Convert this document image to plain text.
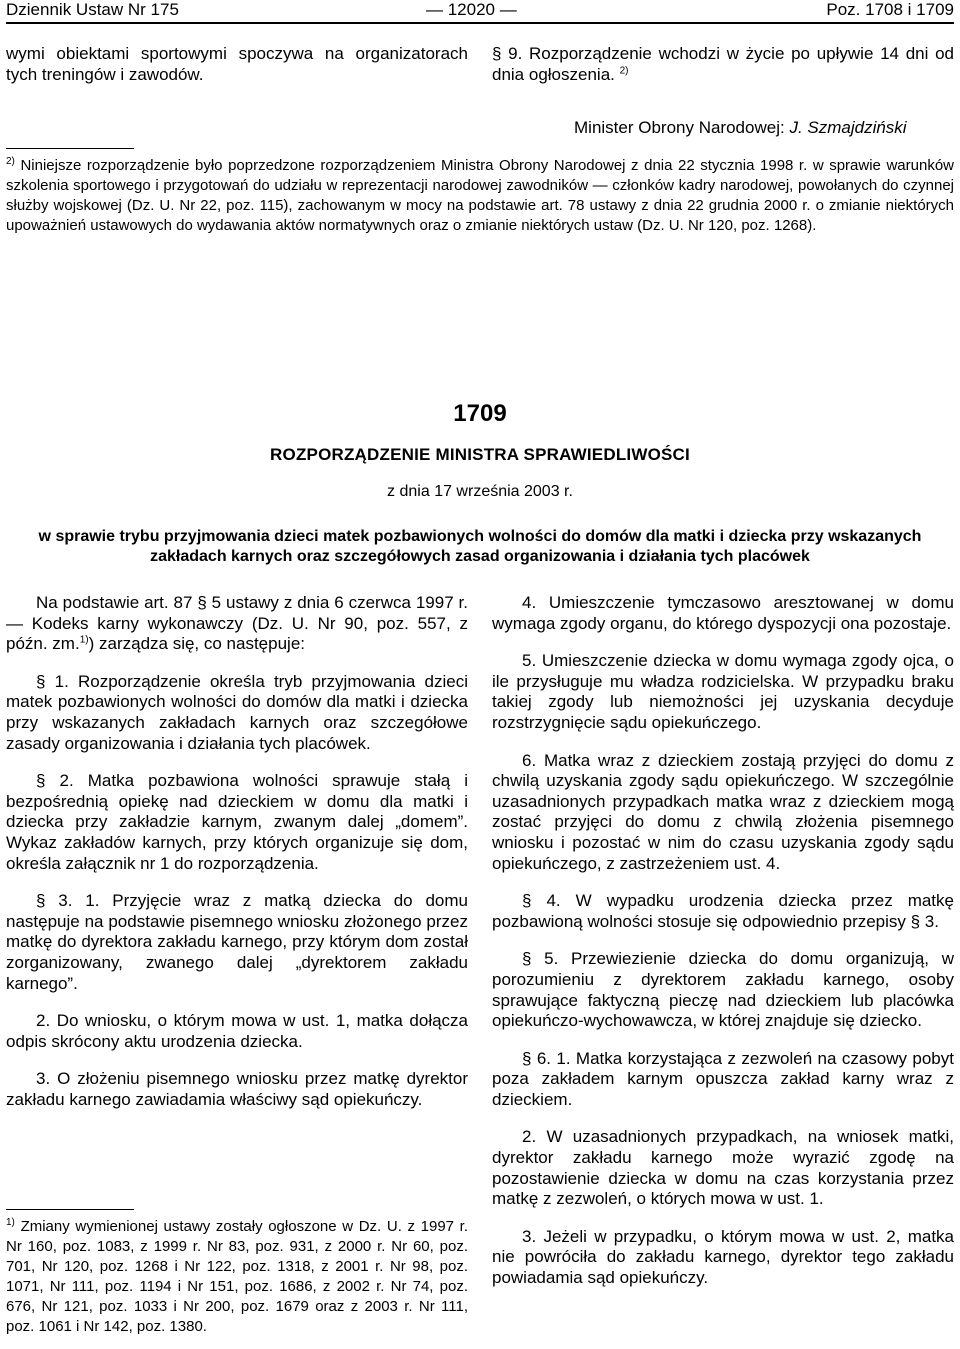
Dziennik Ustaw Nr 175	— 12020 —	Poz. 1708 i 1709
wymi obiektami sportowymi spoczywa na organizatorach tych treningów i zawodów.
§ 9. Rozporządzenie wchodzi w życie po upływie 14 dni od dnia ogłoszenia. $^{2)}$
Minister Obrony Narodowej: J. Szmajdziński
$^{2)}$ Niniejsze rozporządzenie było poprzedzone rozporządzeniem Ministra Obrony Narodowej z dnia 22 stycznia 1998 r. w sprawie warunków szkolenia sportowego i przygotowań do udziału w reprezentacji narodowej zawodników — członków kadry narodowej, powołanych do czynnej służby wojskowej (Dz. U. Nr 22, poz. 115), zachowanym w mocy na podstawie art. 78 ustawy z dnia 22 grudnia 2000 r. o zmianie niektórych upoważnień ustawowych do wydawania aktów normatywnych oraz o zmianie niektórych ustaw (Dz. U. Nr 120, poz. 1268).
1709
ROZPORZĄDZENIE MINISTRA SPRAWIEDLIWOŚCI
z dnia 17 września 2003 r.
w sprawie trybu przyjmowania dzieci matek pozbawionych wolności do domów dla matki i dziecka przy wskazanych zakładach karnych oraz szczegółowych zasad organizowania i działania tych placówek

Na podstawie art. 87 § 5 ustawy z dnia 6 czerwca 1997 r. — Kodeks karny wykonawczy (Dz. U. Nr 90, poz. 557, z późn. zm.$^{1)}$) zarządza się, co następuje:

§ 1. Rozporządzenie określa tryb przyjmowania dzieci matek pozbawionych wolności do domów dla matki i dziecka przy wskazanych zakładach karnych oraz szczegółowe zasady organizowania i działania tych placówek.

§ 2. Matka pozbawiona wolności sprawuje stałą i bezpośrednią opiekę nad dzieckiem w domu dla matki i dziecka przy zakładzie karnym, zwanym dalej „domem”. Wykaz zakładów karnych, przy których organizuje się dom, określa załącznik nr 1 do rozporządzenia.

§ 3. 1. Przyjęcie wraz z matką dziecka do domu następuje na podstawie pisemnego wniosku złożonego przez matkę do dyrektora zakładu karnego, przy którym dom został zorganizowany, zwanego dalej „dyrektorem zakładu karnego”.

2. Do wniosku, o którym mowa w ust. 1, matka dołącza odpis skrócony aktu urodzenia dziecka.

3. O złożeniu pisemnego wniosku przez matkę dyrektor zakładu karnego zawiadamia właściwy sąd opiekuńczy.

$^{1)}$ Zmiany wymienionej ustawy zostały ogłoszone w Dz. U. z 1997 r. Nr 160, poz. 1083, z 1999 r. Nr 83, poz. 931, z 2000 r. Nr 60, poz. 701, Nr 120, poz. 1268 i Nr 122, poz. 1318, z 2001 r. Nr 98, poz. 1071, Nr 111, poz. 1194 i Nr 151, poz. 1686, z 2002 r. Nr 74, poz. 676, Nr 121, poz. 1033 i Nr 200, poz. 1679 oraz z 2003 r. Nr 111, poz. 1061 i Nr 142, poz. 1380.

4. Umieszczenie tymczasowo aresztowanej w domu wymaga zgody organu, do którego dyspozycji ona pozostaje.

5. Umieszczenie dziecka w domu wymaga zgody ojca, o ile przysługuje mu władza rodzicielska. W przypadku braku takiej zgody lub niemożności jej uzyskania decyduje rozstrzygnięcie sądu opiekuńczego.

6. Matka wraz z dzieckiem zostają przyjęci do domu z chwilą uzyskania zgody sądu opiekuńczego. W szczególnie uzasadnionych przypadkach matka wraz z dzieckiem mogą zostać przyjęci do domu z chwilą złożenia pisemnego wniosku i pozostać w nim do czasu uzyskania zgody sądu opiekuńczego, z zastrzeżeniem ust. 4.

§ 4. W wypadku urodzenia dziecka przez matkę pozbawioną wolności stosuje się odpowiednio przepisy § 3.

§ 5. Przewiezienie dziecka do domu organizują, w porozumieniu z dyrektorem zakładu karnego, osoby sprawujące faktyczną pieczę nad dzieckiem lub placówka opiekuńczo-wychowawcza, w której znajduje się dziecko.

§ 6. 1. Matka korzystająca z zezwoleń na czasowy pobyt poza zakładem karnym opuszcza zakład karny wraz z dzieckiem.

2. W uzasadnionych przypadkach, na wniosek matki, dyrektor zakładu karnego może wyrazić zgodę na pozostawienie dziecka w domu na czas korzystania przez matkę z zezwoleń, o których mowa w ust. 1.

3. Jeżeli w przypadku, o którym mowa w ust. 2, matka nie powróciła do zakładu karnego, dyrektor tego zakładu powiadamia sąd opiekuńczy.
